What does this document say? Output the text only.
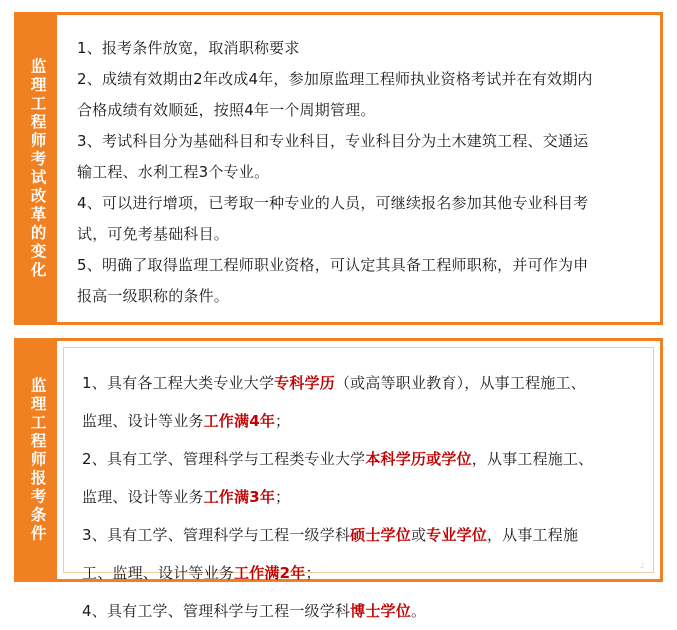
监理工程师考试改革的变化
1、报考条件放宽，取消职称要求
2、成绩有效期由2年改成4年，参加原监理工程师执业资格考试并在有效期内
合格成绩有效顺延，按照4年一个周期管理。
3、考试科目分为基础科目和专业科目，专业科目分为土木建筑工程、交通运
输工程、水利工程3个专业。
4、可以进行增项，已考取一种专业的人员，可继续报名参加其他专业科目考
试，可免考基础科目。
5、明确了取得监理工程师职业资格，可认定其具备工程师职称，并可作为申
报高一级职称的条件。
监理工程师报考条件 1、具有各工程大类专业大学专科学历（或高等职业教育），从事工程施工、
监理、设计等业务工作满4年；
2、具有工学、管理科学与工程类专业大学本科学历或学位，从事工程施工、
监理、设计等业务工作满3年；
3、具有工学、管理科学与工程一级学科硕士学位或专业学位，从事工程施
工、监理、设计等业务工作满2年；
4、具有工学、管理科学与工程一级学科博士学位。
」
